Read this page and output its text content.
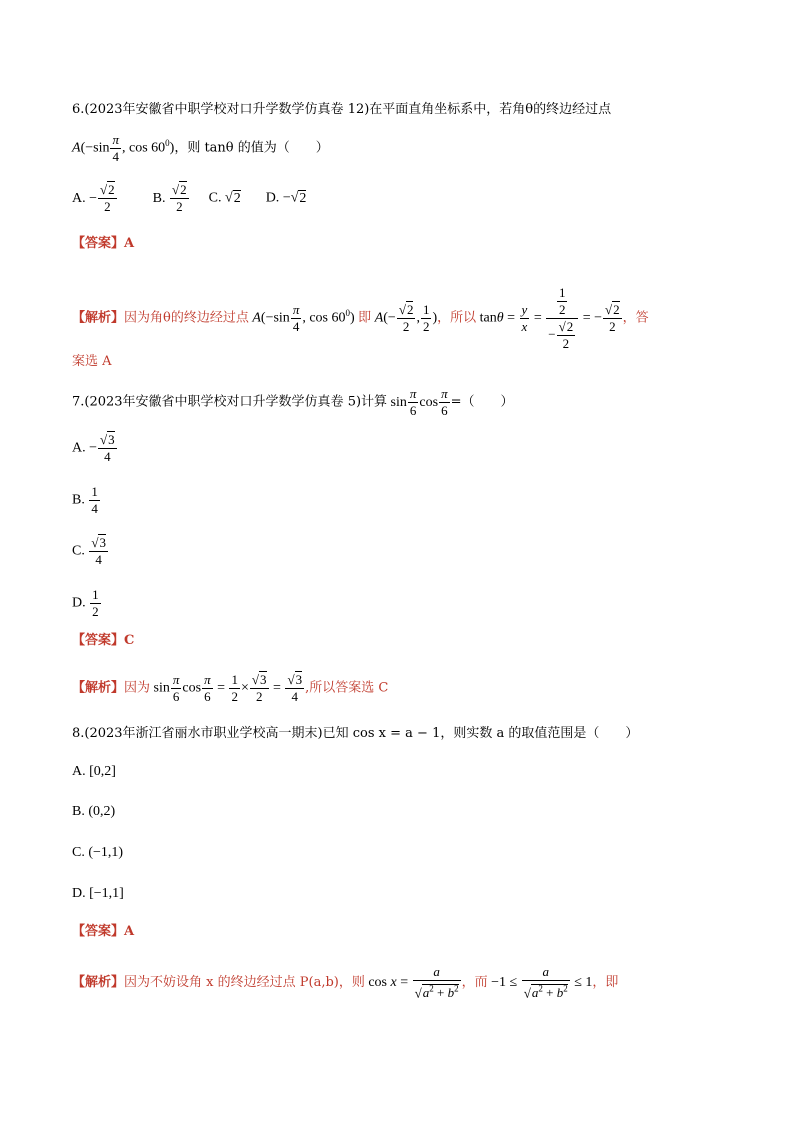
6.(2023年安徽省中职学校对口升学数学仿真卷 12)在平面直角坐标系中，若角θ的终边经过点
$A(-\sin \frac{\pi}{4}$ , $\cos 60^0$)，则 tanθ 的值为（　　）
A. − $\frac{√2}{2}$	B. $\frac{√2}{2} C$. √2 D. −√2
【答案】A
【解析】因为角θ的终边经过点 $A(-\sin \frac{\pi}{4}$ , $\cos 60^0$) 即 $A(- \frac{√2}{2}$ , $\frac{1}{2}$ )，所以 $\tan\theta = \frac{y}{x} = \frac{\frac{1}{2}}{- \frac{√2}{2}}$ = − $\frac{√2}{2}$ ，答
案选 A
7.(2023年安徽省中职学校对口升学数学仿真卷 5)计算 $\sin \frac{\pi}{6}$ $\cos \frac{\pi}{6}$ =（　　）
A. − $\frac{√3}{4}$
B. $\frac{1}{4}$
C. $\frac{√3}{4}$
D. $\frac{1}{2}$
【答案】C
【解析】因为 $\sin \frac{\pi}{6}$ $\cos \frac{\pi}{6} = \frac{1}{2} \times \frac{√3}{2} = \frac{√3}{4}$ ,所以答案选 C
8.(2023年浙江省丽水市职业学校高一期末)已知 cos x = a − 1，则实数 a 的取值范围是（　　）
A. [0,2]
B. (0,2)
C. (−1,1)
D. [−1,1]
【答案】A
【解析】因为不妨设角 x 的终边经过点 P(a,b)，则 $\cos x = \frac{a}{√a^2 + b^2}$ ，而 $-1 \le \frac{a}{√a^2 + b^2} \le 1$，即
